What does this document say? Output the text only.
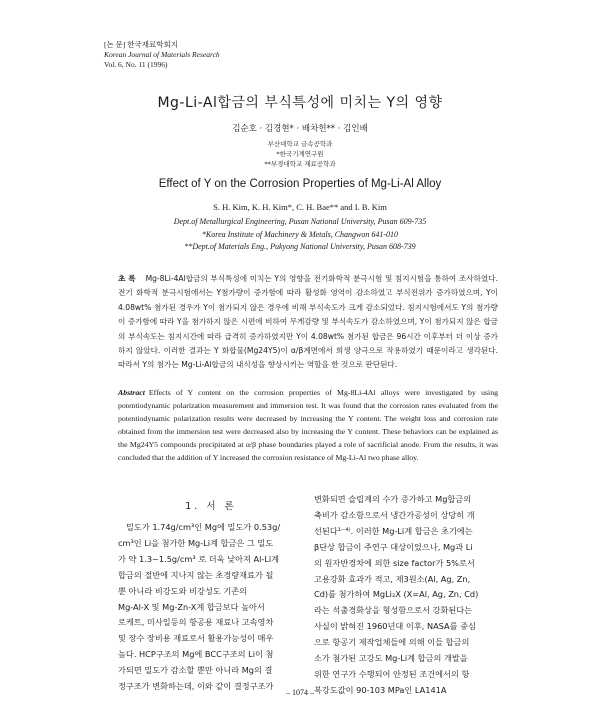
[논 문] 한국재료학회지
Korean Journal of Materials Research
Vol. 6, No. 11 (1996)
Mg-Li-Al합금의 부식특성에 미치는 Y의 영향
김순호 · 김경현* · 배차헌** · 김인배
부산대학교 금속공학과
*한국기계연구원
**부경대학교 재료공학과
Effect of Y on the Corrosion Properties of Mg-Li-Al Alloy
S. H. Kim, K. H. Kim*, C. H. Bae** and I. B. Kim
Dept.of Metallurgical Engineering, Pusan National University, Pusan 609-735
*Korea Institute of Machinery & Metals, Changwon 641-010
**Dept.of Materials Eng., Pukyong National University, Pusan 608-739
초 록 Mg-8Li-4Al합금의 부식특성에 미치는 Y의 영향을 전기화학적 분극시험 및 침지시험을 통하여 조사하였다. 전기 화학적 분극시험에서는 Y첨가량이 증가함에 따라 활성화 영역이 감소하였고 부식전위가 증가하였으며, Y이 4.08wt% 첨가된 경우가 Y이 첨가되지 않은 경우에 비해 부식속도가 크게 감소되었다. 침지시험에서도 Y의 첨가량이 증가함에 따라 Y을 첨가하지 않은 시편에 비하여 무게감량 및 부식속도가 감소하였으며, Y이 첨가되지 않은 합금의 부식속도는 침지시간에 따라 급격히 증가하였지만 Y이 4.08wt% 첨가된 합금은 96시간 이후부터 더 이상 증가하지 않았다. 이러한 결과는 Y 화합물(Mg24Y5)이 α/β계면에서 희생 양극으로 작용하였기 때문이라고 생각된다. 따라서 Y의 첨가는 Mg-Li-Al합금의 내식성을 향상시키는 역할을 한 것으로 판단된다.
Abstract Effects of Y content on the corrosion properties of Mg-8Li-4Al alloys were investigated by using potentiodynamic polarization measurement and immersion test. It was found that the corrosion rates evaluated from the potentiodynamic polarization results were decreased by increasing the Y content. The weight loss and corrosion rate obtained from the immersion test were decreased also by increasing the Y content. These behaviors can be explained as the Mg24Y5 compounds precipitated at α/β phase boundaries played a role of sacrificial anode. From the results, it was concluded that the addition of Y increased the corrosion resistance of Mg-Li-Al two phase alloy.
1. 서 론
밀도가 1.74g/cm³인 Mg에 밀도가 0.53g/
cm³인 Li을 첨가한 Mg-Li계 합금은 그 밀도
가 약 1.3~1.5g/cm³ 로 더욱 낮아져 Al-Li계
합금의 절반에 지나지 않는 초경량재료가 될
뿐 아니라 비강도와 비강성도 기존의
Mg-Al-X 및 Mg-Zn-X계 합금보다 높아서
로케트, 미사일등의 항공용 재료나 고속영차
및 장수 장비용 재료로서 활용가능성이 매우
높다. HCP구조의 Mg에 BCC구조의 Li이 첨
가되면 밀도가 감소할 뿐만 아니라 Mg의 결
정구조가 변화하는데, 이와 같이 결정구조가
변화되면 슬립계의 수가 증가하고 Mg합금의
축비가 감소함으로서 냉간가공성이 상당히 개
선된다¹⁻⁴⁾. 이러한 Mg-Li계 합금은 초기에는
β단상 합금이 주연구 대상이었으나, Mg과 Li
의 원자반경차에 의한 size factor가 5%로서
고용강화 효과가 적고, 제3원소(Al, Ag, Zn,
Cd)를 첨가하여 MgLi₂X (X=Al, Ag, Zn, Cd)
라는 석출경화상을 형성함으로서 강화된다는
사실이 밝혀진 1960년대 이후, NASA를 중심
으로 항공기 제작업체들에 의해 이들 합금의
소가 첨가된 고강도 Mg-Li계 합금의 개발을
위한 연구가 수행되어 안정된 조건에서의 항
복강도값이 90-103 MPa인 LA141A
– 1074 –
